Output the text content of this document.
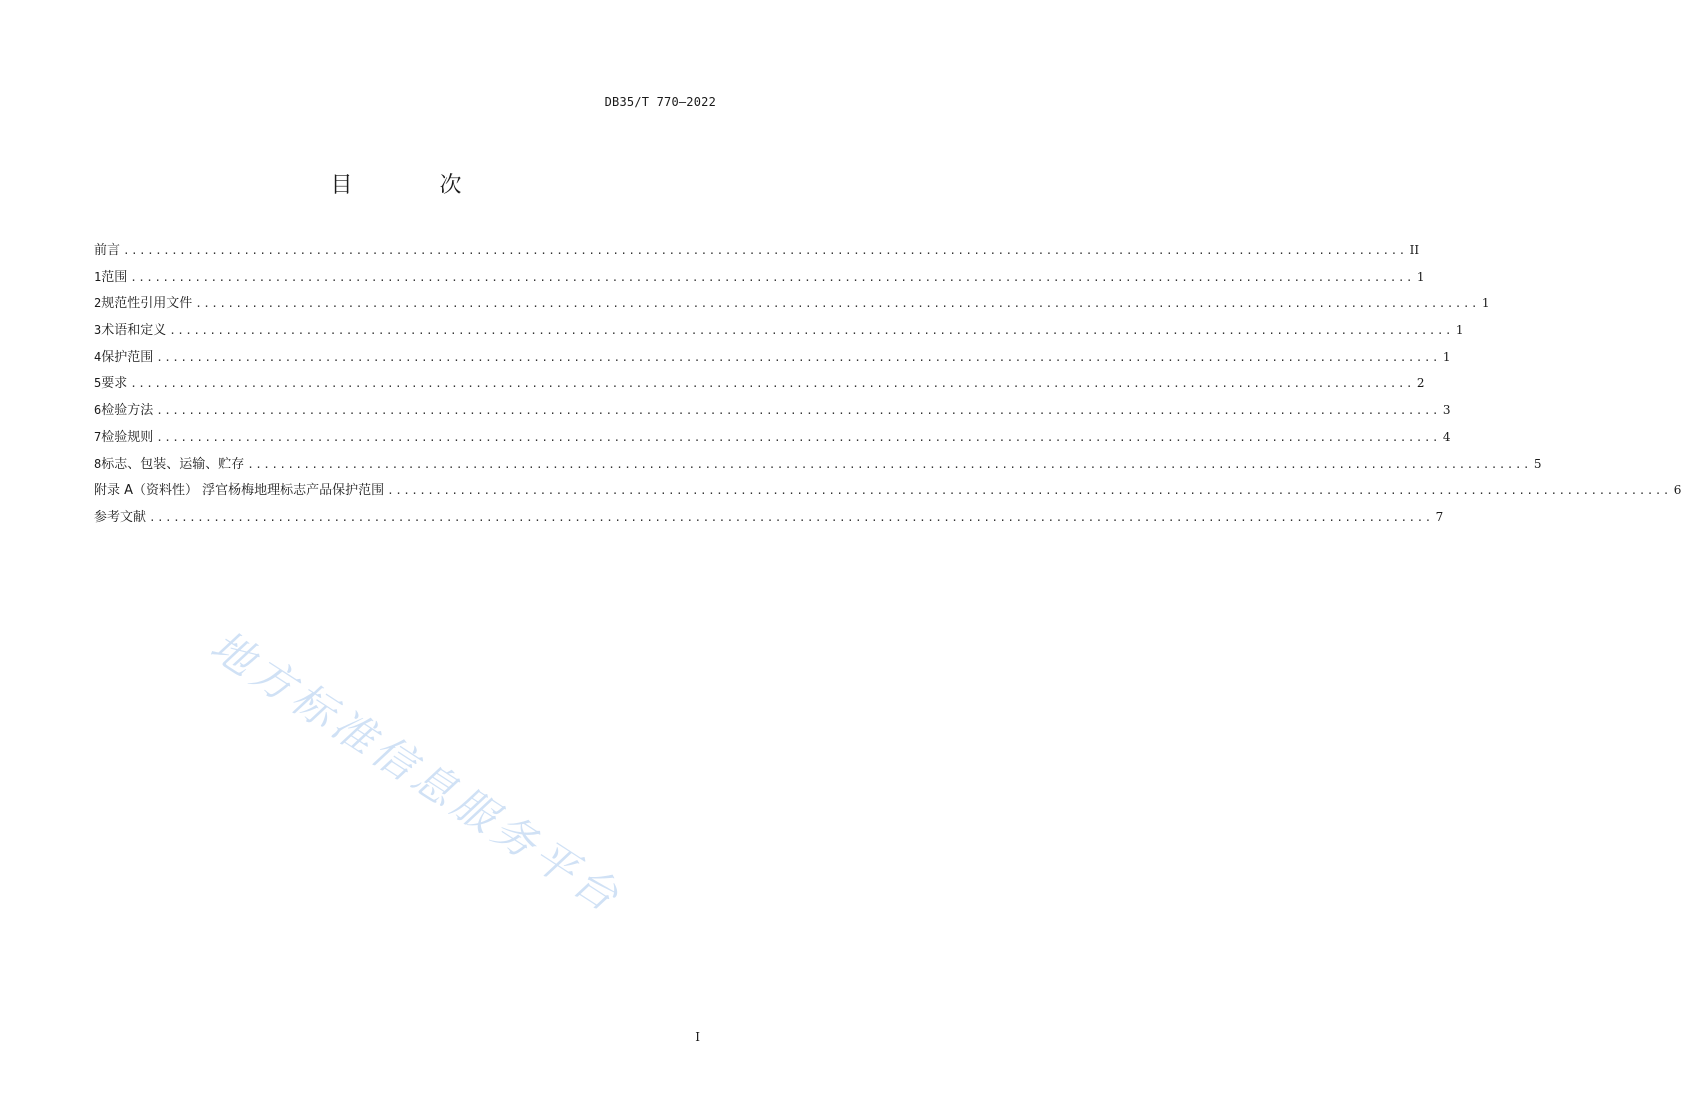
DB35/T 770—2022
目 次
前言 ................................................................................................................................................................ II
1 范围 ................................................................................................................................................................ 1
2 规范性引用文件 ................................................................................................................................................................ 1
3 术语和定义 ................................................................................................................................................................ 1
4 保护范围 ................................................................................................................................................................ 1
5 要求 ................................................................................................................................................................ 2
6 检验方法 ................................................................................................................................................................ 3
7 检验规则 ................................................................................................................................................................ 4
8 标志、包装、运输、贮存 ................................................................................................................................................................ 5
附录 A（资料性） 浮官杨梅地理标志产品保护范围 ................................................................................................................................................................ 6
参考文献 ................................................................................................................................................................ 7
地方标准信息服务平台
I
